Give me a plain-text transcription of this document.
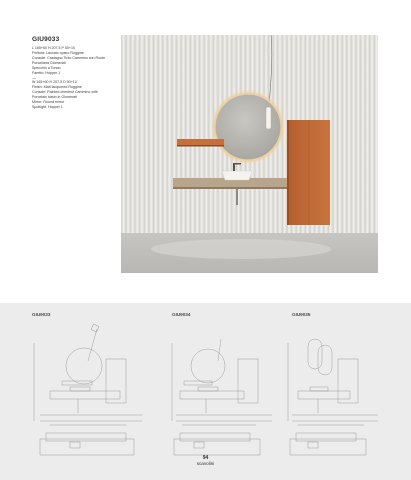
GIU9033
L 165+60 H 207.5 P 50+10
Finitura: Laccato opaco Ruggine
Console: Castagno Tinto Cammino con Ruote
Porcellana Glomerati
Specchio a Tondo
Faretto: Hopper 1
—
W 165+60 H 207.5 D 50+10
Finish: Matt lacquered Ruggine
Console: Painted chestnut Cammino with
Porcelain basin in Glomerati
Mirror: Round mirror
Spotlight: Hopper 1
GIU9033	GIU9034	GIU9035
94
scavolini
